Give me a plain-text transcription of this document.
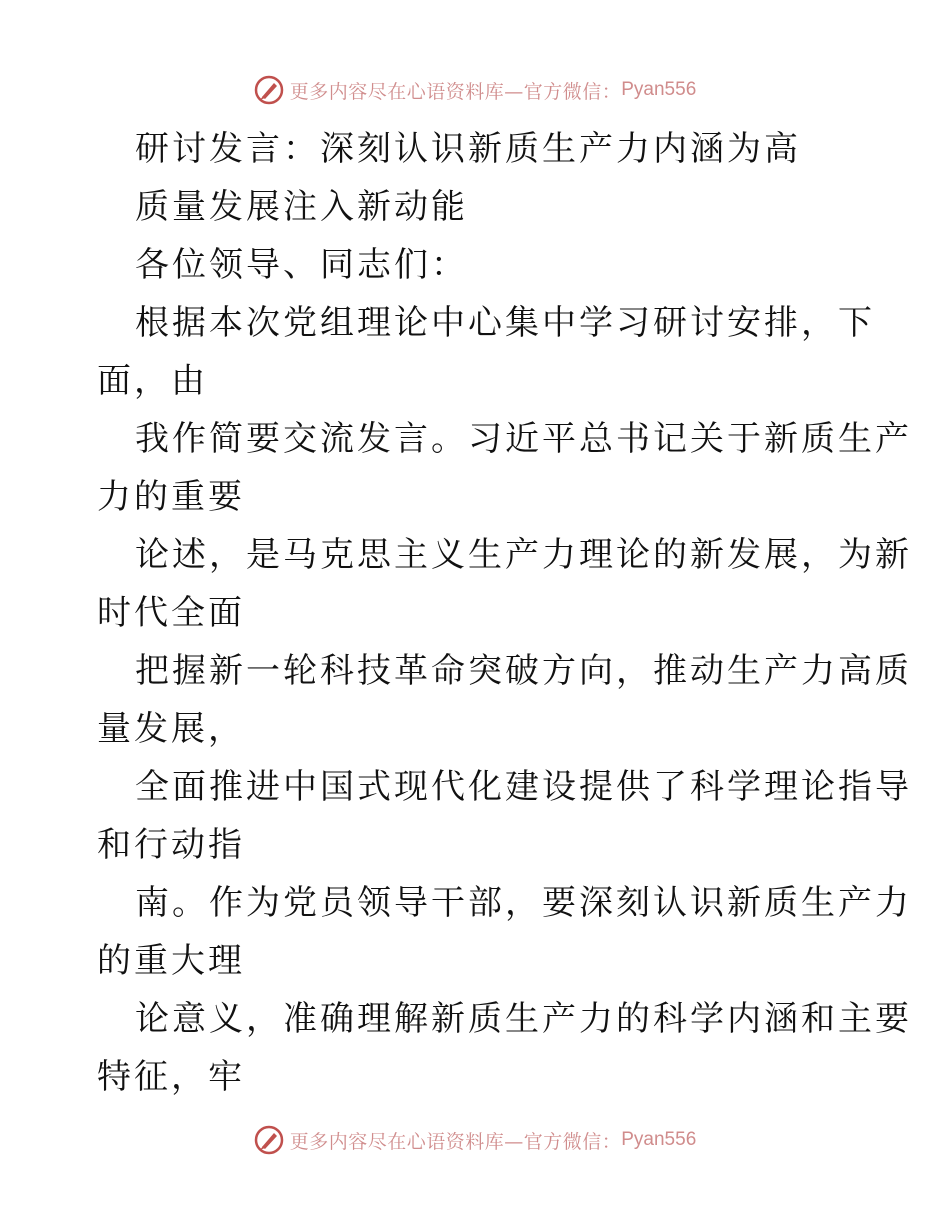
更多内容尽在心语资料库—官方微信： Pyan556
研讨发言：深刻认识新质生产力内涵为高
质量发展注入新动能
各位领导、同志们：
根据本次党组理论中心集中学习研讨安排，下
面，由
我作简要交流发言。习近平总书记关于新质生产
力的重要
论述，是马克思主义生产力理论的新发展，为新
时代全面
把握新一轮科技革命突破方向，推动生产力高质
量发展，
全面推进中国式现代化建设提供了科学理论指导
和行动指
南。作为党员领导干部，要深刻认识新质生产力
的重大理
论意义，准确理解新质生产力的科学内涵和主要
特征，牢
更多内容尽在心语资料库—官方微信： Pyan556
